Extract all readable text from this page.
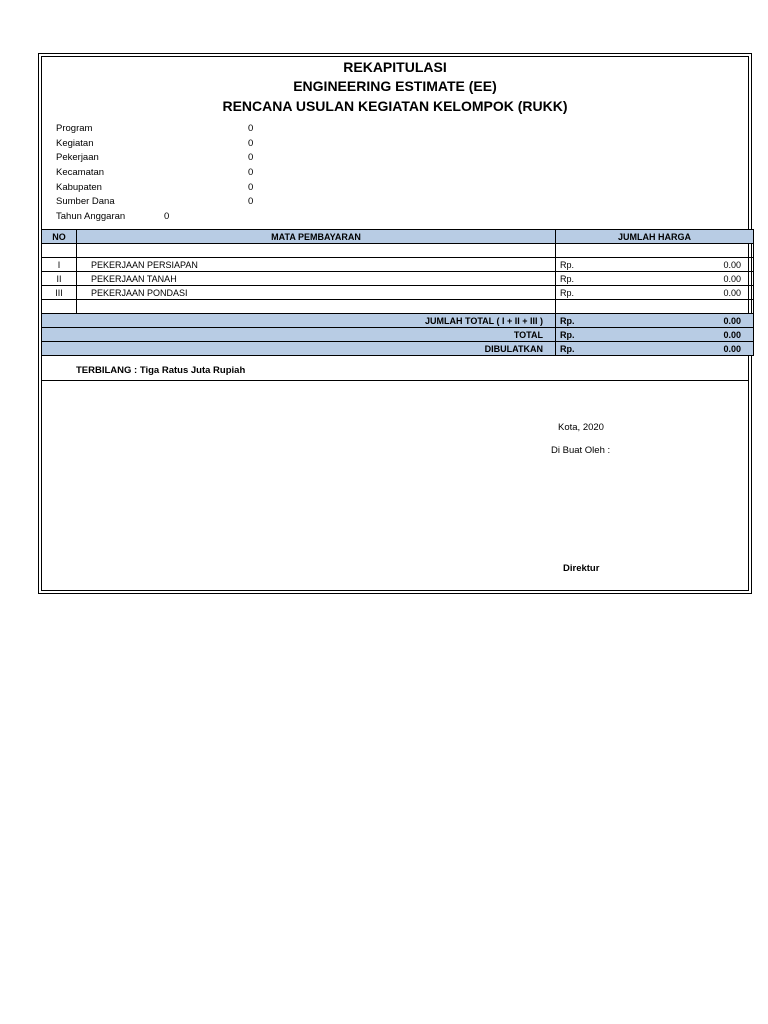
REKAPITULASI
ENGINEERING ESTIMATE (EE)
RENCANA USULAN KEGIATAN KELOMPOK (RUKK)
Program	0
Kegiatan	0
Pekerjaan	0
Kecamatan	0
Kabupaten	0
Sumber Dana	0
Tahun Anggaran	0
NO	MATA PEMBAYARAN	JUMLAH HARGA	

I	PEKERJAAN PERSIAPAN	Rp.	0.00
II	PEKERJAAN TANAH	Rp.	0.00
III	PEKERJAAN PONDASI	Rp.	0.00

JUMLAH TOTAL ( I + II + III )		Rp.	0.00
TOTAL		Rp.	0.00
DIBULATKAN		Rp.	0.00
TERBILANG : Tiga Ratus Juta Rupiah
Kota, 2020
Di Buat Oleh :
Direktur
